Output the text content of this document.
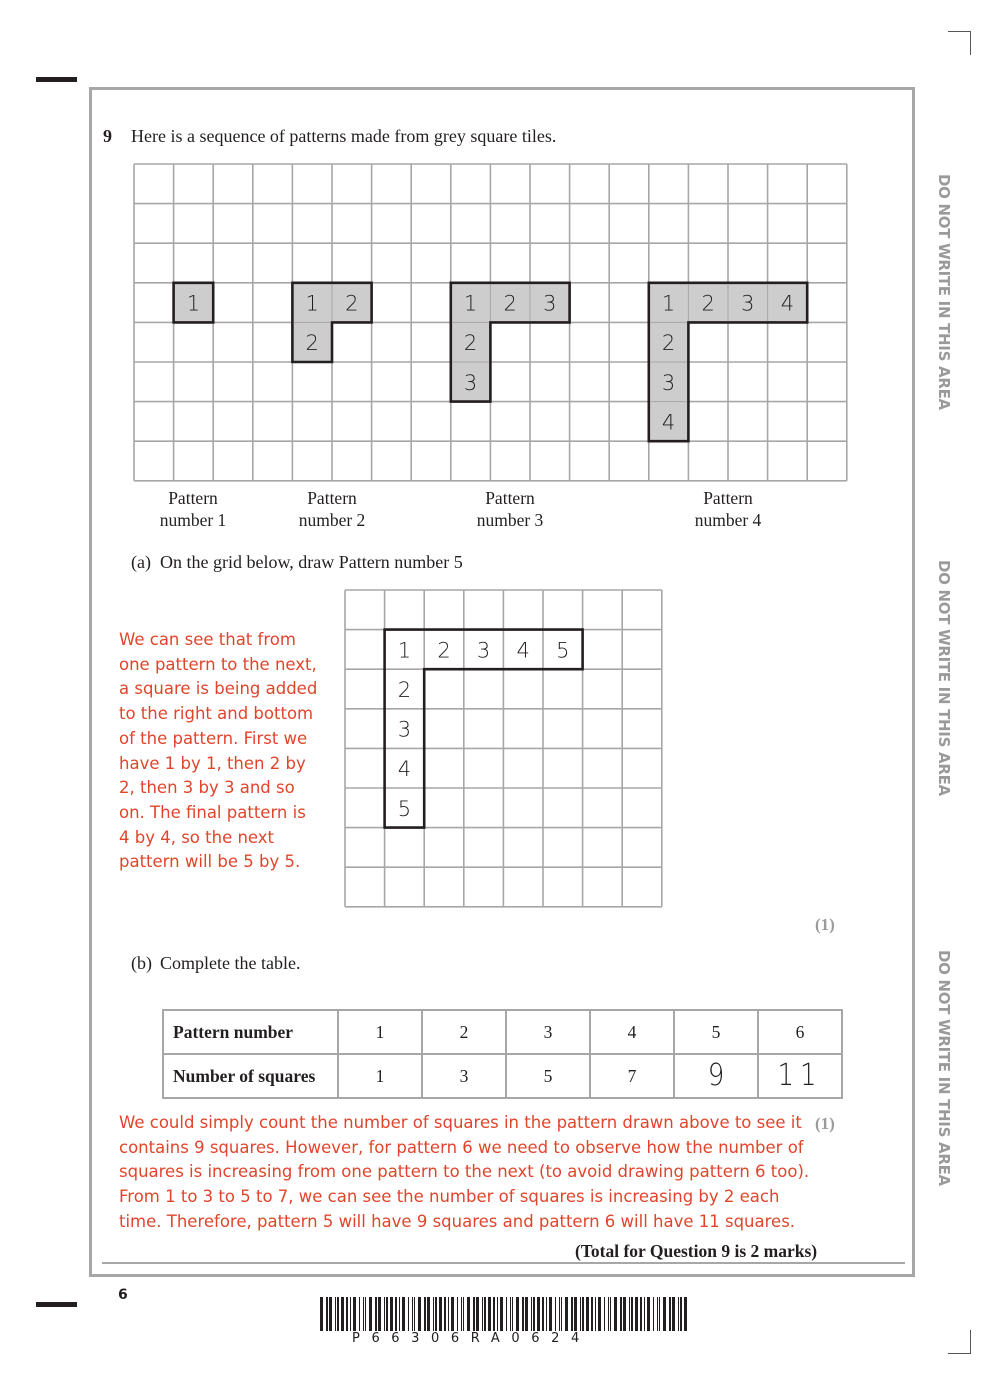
DO NOT WRITE IN THIS AREA
DO NOT WRITE IN THIS AREA
DO NOT WRITE IN THIS AREA
9 Here is a sequence of patterns made from grey square tiles.
1	1 2
2
1 2 3
2
3
1 2 3 4
2
3
4
Pattern
number 1
Pattern
number 2
Pattern
number 3
Pattern
number 4
(a) On the grid below, draw Pattern number 5
We can see that from
one pattern to the next,
a square is being added
to the right and bottom
of the pattern. First we
have 1 by 1, then 2 by
2, then 3 by 3 and so
on. The final pattern is
4 by 4, so the next
pattern will be 5 by 5.
1 2 3 4 5
2
3
4
5
(1)
(b) Complete the table.
Pattern number	1	2	3	4	5	6
Number of squares	1	3	5	7	9	11
We could simply count the number of squares in the pattern drawn above to see it
contains 9 squares. However, for pattern 6 we need to observe how the number of
squares is increasing from one pattern to the next (to avoid drawing pattern 6 too).
From 1 to 3 to 5 to 7, we can see the number of squares is increasing by 2 each
time. Therefore, pattern 5 will have 9 squares and pattern 6 will have 11 squares.
(1)
(Total for Question 9 is 2 marks)
6
P66306RA0624
